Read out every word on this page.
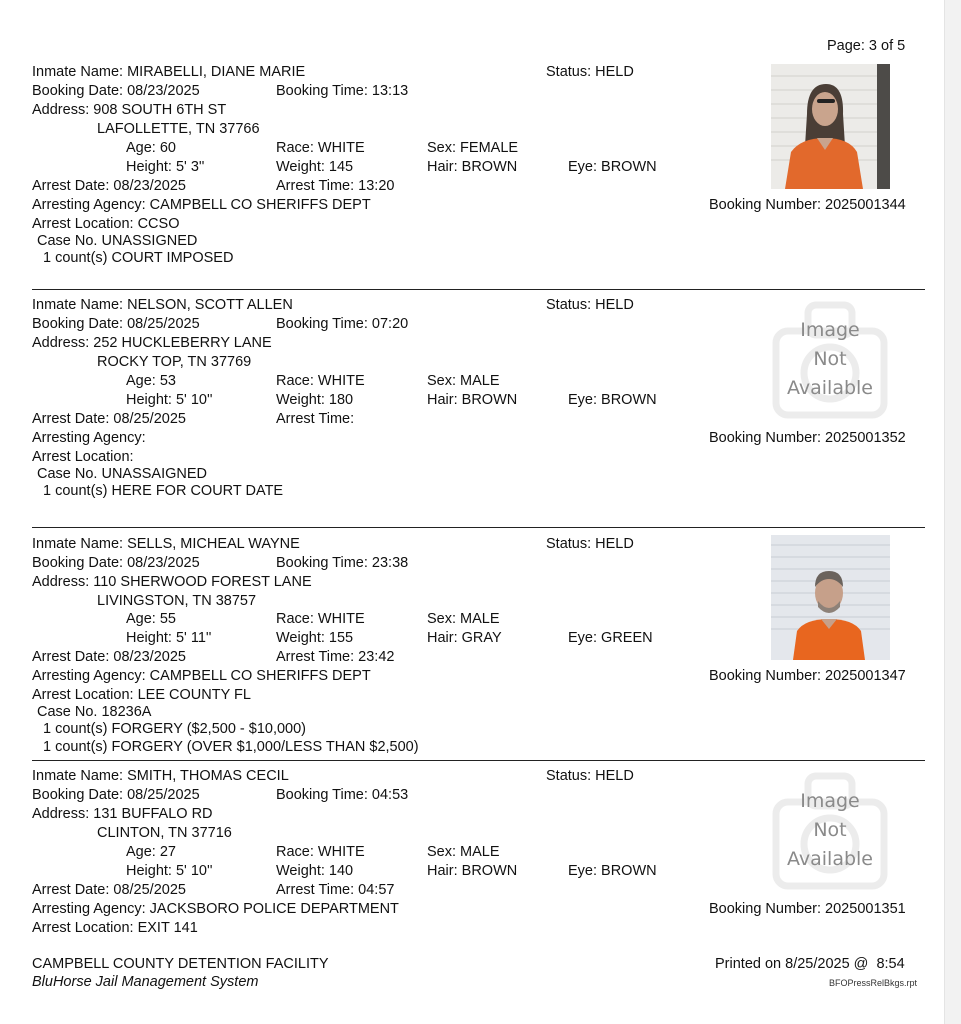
Page: 3 of 5
Inmate Name: MIRABELLI, DIANE MARIE	Status: HELD
Booking Date: 08/23/2025	Booking Time: 13:13
Address: 908 SOUTH 6TH ST
LAFOLLETTE, TN 37766
Age: 60	Race: WHITE	Sex: FEMALE
Height: 5' 3''	Weight: 145	Hair: BROWN	Eye: BROWN
Arrest Date: 08/23/2025	Arrest Time: 13:20
Arresting Agency: CAMPBELL CO SHERIFFS DEPT	Booking Number: 2025001344
Arrest Location: CCSO
Case No. UNASSIGNED
1 count(s) COURT IMPOSED
Inmate Name: NELSON, SCOTT ALLEN	Status: HELD
Booking Date: 08/25/2025	Booking Time: 07:20
Address: 252 HUCKLEBERRY LANE
ROCKY TOP, TN 37769
Age: 53	Race: WHITE	Sex: MALE
Height: 5' 10''	Weight: 180	Hair: BROWN	Eye: BROWN
Arrest Date: 08/25/2025	Arrest Time:
Arresting Agency:	Booking Number: 2025001352
Arrest Location:
Case No. UNASSAIGNED
1 count(s) HERE FOR COURT DATE
Image
Not
Available
Inmate Name: SELLS, MICHEAL WAYNE	Status: HELD
Booking Date: 08/23/2025	Booking Time: 23:38
Address: 110 SHERWOOD FOREST LANE
LIVINGSTON, TN 38757
Age: 55	Race: WHITE	Sex: MALE
Height: 5' 11''	Weight: 155	Hair: GRAY	Eye: GREEN
Arrest Date: 08/23/2025	Arrest Time: 23:42
Arresting Agency: CAMPBELL CO SHERIFFS DEPT	Booking Number: 2025001347
Arrest Location: LEE COUNTY FL
Case No. 18236A
1 count(s) FORGERY ($2,500 - $10,000)
1 count(s) FORGERY (OVER $1,000/LESS THAN $2,500)
Inmate Name: SMITH, THOMAS CECIL	Status: HELD
Booking Date: 08/25/2025	Booking Time: 04:53
Address: 131 BUFFALO RD
CLINTON, TN 37716
Age: 27	Race: WHITE	Sex: MALE
Height: 5' 10''	Weight: 140	Hair: BROWN	Eye: BROWN
Arrest Date: 08/25/2025	Arrest Time: 04:57
Arresting Agency: JACKSBORO POLICE DEPARTMENT	Booking Number: 2025001351
Arrest Location: EXIT 141
Image
Not
Available
CAMPBELL COUNTY DETENTION FACILITY
BluHorse Jail Management System
Printed on 8/25/2025 @  8:54
BFOPressRelBkgs.rpt
